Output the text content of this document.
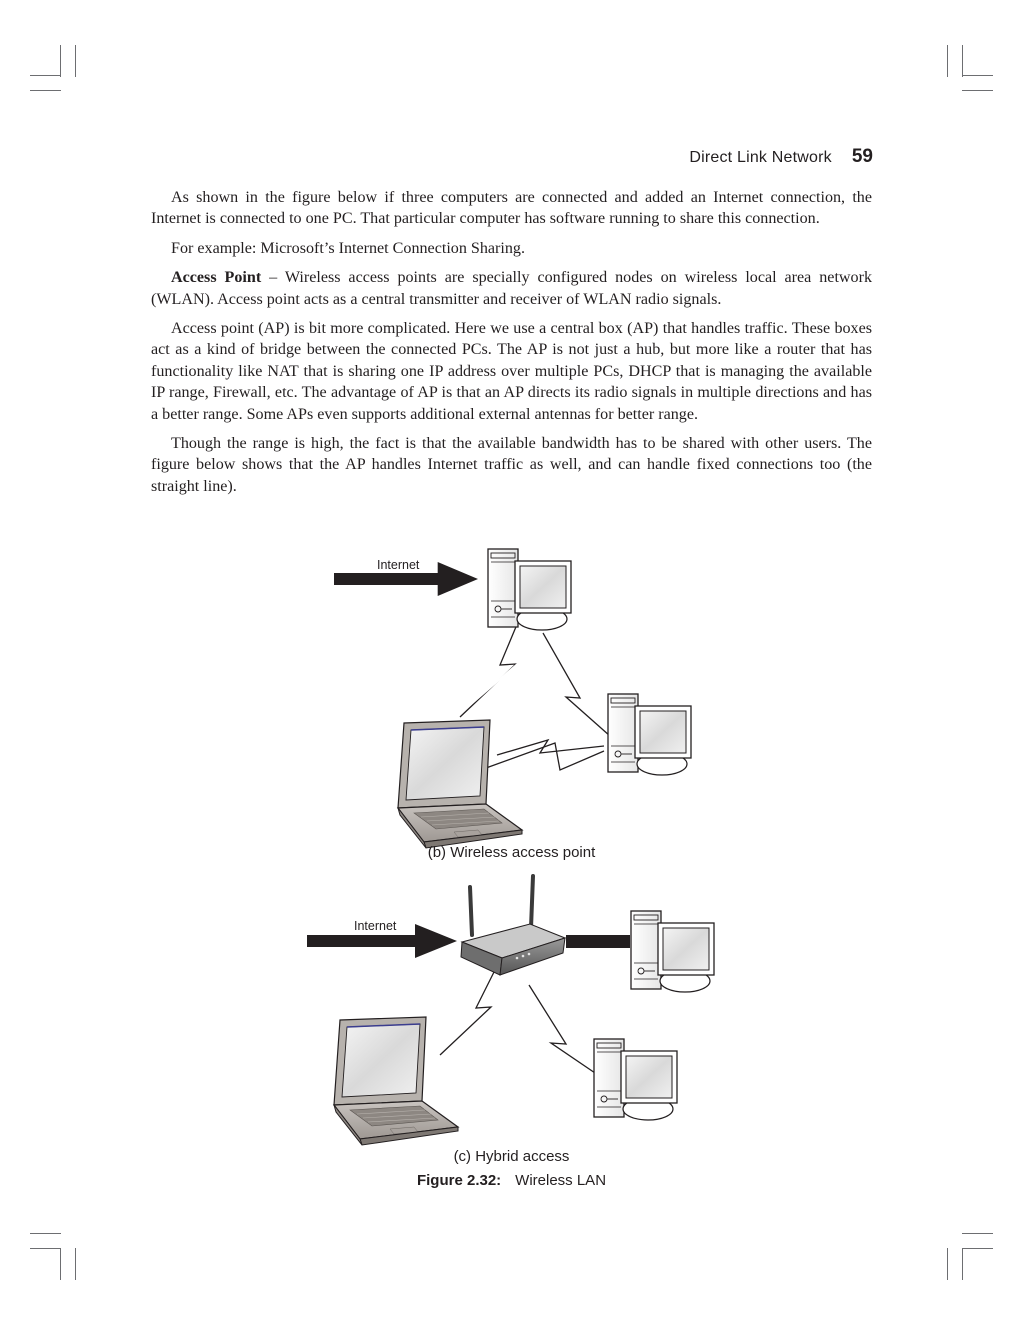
Direct Link Network 59

As shown in the figure below if three computers are connected and added an Internet connection, the Internet is connected to one PC. That particular computer has software running to share this connection.

For example: Microsoft’s Internet Connection Sharing.

Access Point – Wireless access points are specially configured nodes on wireless local area network (WLAN). Access point acts as a central transmitter and receiver of WLAN radio signals.

Access point (AP) is bit more complicated. Here we use a central box (AP) that handles traffic. These boxes act as a kind of bridge between the connected PCs. The AP is not just a hub, but more like a router that has functionality like NAT that is sharing one IP address over multiple PCs, DHCP that is managing the available IP range, Firewall, etc. The advantage of AP is that an AP directs its radio signals in multiple directions and has a better range. Some APs even supports additional external antennas for better range.

Though the range is high, the fact is that the available bandwidth has to be shared with other users. The figure below shows that the AP handles Internet traffic as well, and can handle fixed connections too (the straight line).

Internet
(b) Wireless access point
Internet
(c) Hybrid access
Figure 2.32: Wireless LAN
